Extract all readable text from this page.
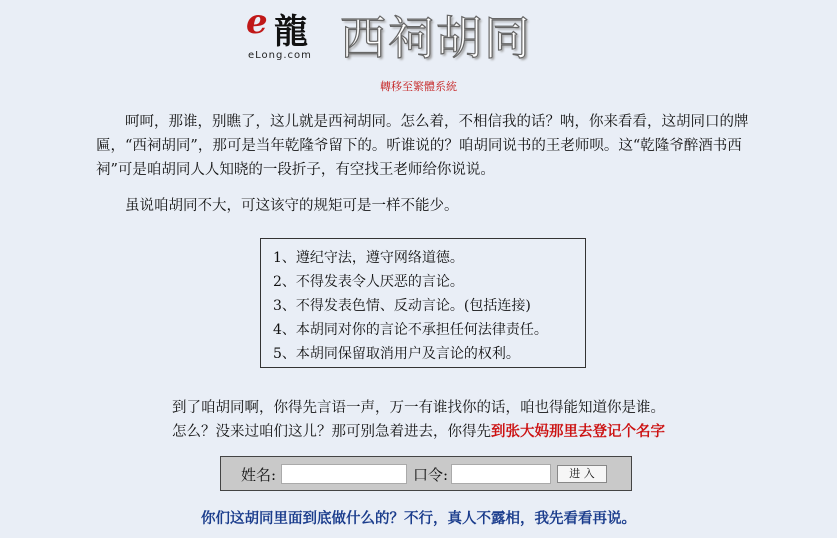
e 龍
eLong.com 西祠胡同
轉移至繁體系統
呵呵，那谁，别瞧了，这儿就是西祠胡同。怎么着，不相信我的话？呐，你来看看，这胡同口的牌匾，“西祠胡同”，那可是当年乾隆爷留下的。听谁说的？咱胡同说书的王老师呗。这“乾隆爷醉酒书西祠”可是咱胡同人人知晓的一段折子，有空找王老师给你说说。
虽说咱胡同不大，可这该守的规矩可是一样不能少。
1、遵纪守法，遵守网络道德。
2、不得发表令人厌恶的言论。
3、不得发表色情、反动言论。(包括连接)
4、本胡同对你的言论不承担任何法律责任。
5、本胡同保留取消用户及言论的权利。
到了咱胡同啊，你得先言语一声，万一有谁找你的话，咱也得能知道你是谁。
怎么？没来过咱们这儿？那可别急着进去，你得先到张大妈那里去登记个名字
姓名:	口令:	进 入
你们这胡同里面到底做什么的？不行，真人不露相，我先看看再说。
